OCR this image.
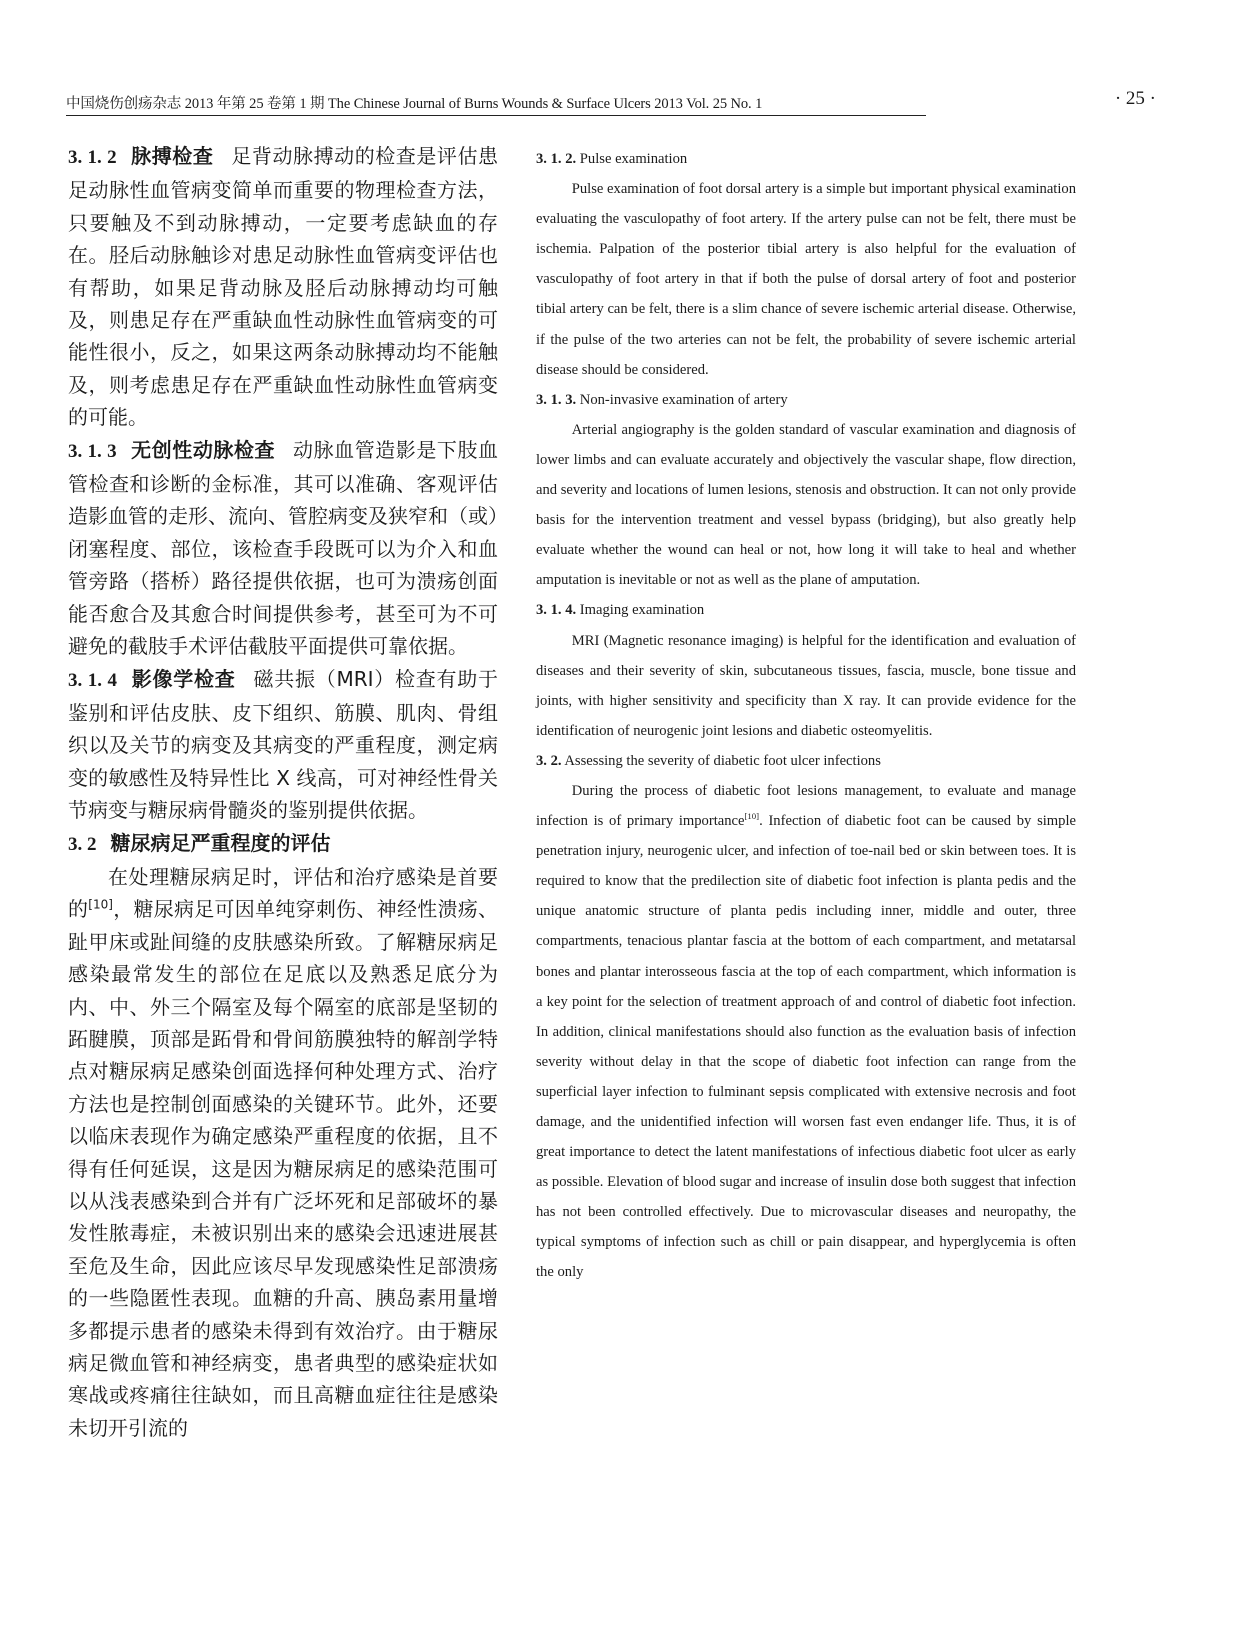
中国烧伤创疡杂志 2013 年第 25 卷第 1 期 The Chinese Journal of Burns Wounds & Surface Ulcers 2013 Vol. 25 No. 1	· 25 ·

3. 1. 2 脉搏检查 足背动脉搏动的检查是评估患足动脉性血管病变简单而重要的物理检查方法，只要触及不到动脉搏动，一定要考虑缺血的存在。胫后动脉触诊对患足动脉性血管病变评估也有帮助，如果足背动脉及胫后动脉搏动均可触及，则患足存在严重缺血性动脉性血管病变的可能性很小，反之，如果这两条动脉搏动均不能触及，则考虑患足存在严重缺血性动脉性血管病变的可能。

3. 1. 3 无创性动脉检查 动脉血管造影是下肢血管检查和诊断的金标准，其可以准确、客观评估造影血管的走形、流向、管腔病变及狭窄和（或）闭塞程度、部位，该检查手段既可以为介入和血管旁路（搭桥）路径提供依据，也可为溃疡创面能否愈合及其愈合时间提供参考，甚至可为不可避免的截肢手术评估截肢平面提供可靠依据。

3. 1. 4 影像学检查 磁共振（MRI）检查有助于鉴别和评估皮肤、皮下组织、筋膜、肌肉、骨组织以及关节的病变及其病变的严重程度，测定病变的敏感性及特异性比 X 线高，可对神经性骨关节病变与糖尿病骨髓炎的鉴别提供依据。

3. 2 糖尿病足严重程度的评估

在处理糖尿病足时，评估和治疗感染是首要的[10]，糖尿病足可因单纯穿刺伤、神经性溃疡、趾甲床或趾间缝的皮肤感染所致。了解糖尿病足感染最常发生的部位在足底以及熟悉足底分为内、中、外三个隔室及每个隔室的底部是坚韧的跖腱膜，顶部是跖骨和骨间筋膜独特的解剖学特点对糖尿病足感染创面选择何种处理方式、治疗方法也是控制创面感染的关键环节。此外，还要以临床表现作为确定感染严重程度的依据，且不得有任何延误，这是因为糖尿病足的感染范围可以从浅表感染到合并有广泛坏死和足部破坏的暴发性脓毒症，未被识别出来的感染会迅速进展甚至危及生命，因此应该尽早发现感染性足部溃疡的一些隐匿性表现。血糖的升高、胰岛素用量增多都提示患者的感染未得到有效治疗。由于糖尿病足微血管和神经病变，患者典型的感染症状如寒战或疼痛往往缺如，而且高糖血症往往是感染未切开引流的

3. 1. 2. Pulse examination

Pulse examination of foot dorsal artery is a simple but important physical examination evaluating the vasculopathy of foot artery. If the artery pulse can not be felt, there must be ischemia. Palpation of the posterior tibial artery is also helpful for the evaluation of vasculopathy of foot artery in that if both the pulse of dorsal artery of foot and posterior tibial artery can be felt, there is a slim chance of severe ischemic arterial disease. Otherwise, if the pulse of the two arteries can not be felt, the probability of severe ischemic arterial disease should be considered.

3. 1. 3. Non-invasive examination of artery

Arterial angiography is the golden standard of vascular examination and diagnosis of lower limbs and can evaluate accurately and objectively the vascular shape, flow direction, and severity and locations of lumen lesions, stenosis and obstruction. It can not only provide basis for the intervention treatment and vessel bypass (bridging), but also greatly help evaluate whether the wound can heal or not, how long it will take to heal and whether amputation is inevitable or not as well as the plane of amputation.

3. 1. 4. Imaging examination

MRI (Magnetic resonance imaging) is helpful for the identification and evaluation of diseases and their severity of skin, subcutaneous tissues, fascia, muscle, bone tissue and joints, with higher sensitivity and specificity than X ray. It can provide evidence for the identification of neurogenic joint lesions and diabetic osteomyelitis.

3. 2. Assessing the severity of diabetic foot ulcer infections

During the process of diabetic foot lesions management, to evaluate and manage infection is of primary importance[10]. Infection of diabetic foot can be caused by simple penetration injury, neurogenic ulcer, and infection of toe-nail bed or skin between toes. It is required to know that the predilection site of diabetic foot infection is planta pedis and the unique anatomic structure of planta pedis including inner, middle and outer, three compartments, tenacious plantar fascia at the bottom of each compartment, and metatarsal bones and plantar interosseous fascia at the top of each compartment, which information is a key point for the selection of treatment approach of and control of diabetic foot infection. In addition, clinical manifestations should also function as the evaluation basis of infection severity without delay in that the scope of diabetic foot infection can range from the superficial layer infection to fulminant sepsis complicated with extensive necrosis and foot damage, and the unidentified infection will worsen fast even endanger life. Thus, it is of great importance to detect the latent manifestations of infectious diabetic foot ulcer as early as possible. Elevation of blood sugar and increase of insulin dose both suggest that infection has not been controlled effectively. Due to microvascular diseases and neuropathy, the typical symptoms of infection such as chill or pain disappear, and hyperglycemia is often the only
